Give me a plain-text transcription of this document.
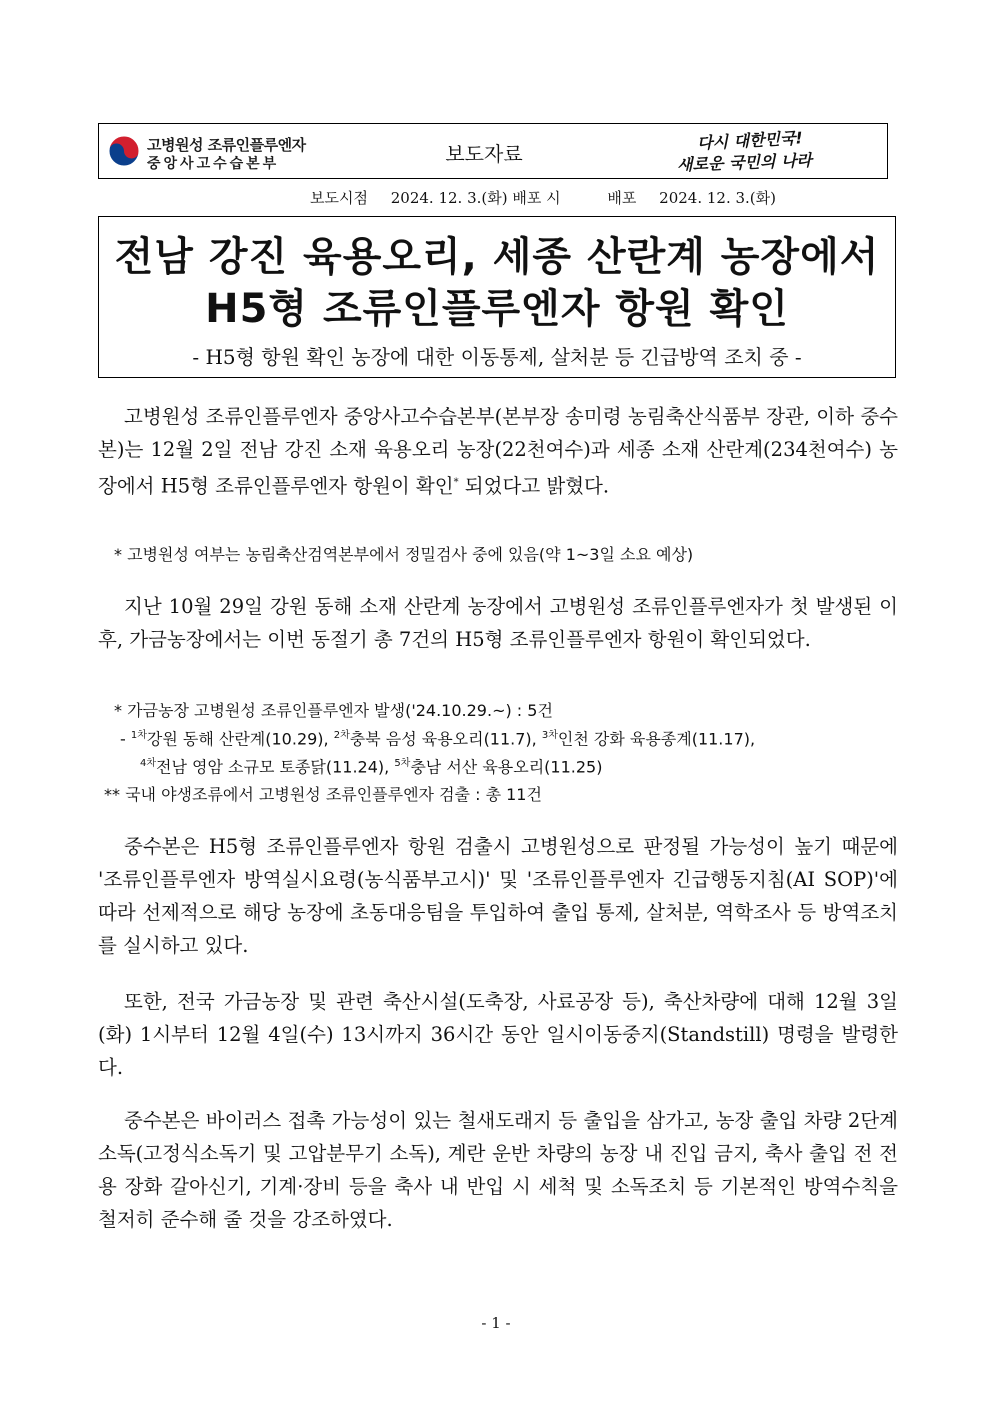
고병원성 조류인플루엔자
중앙사고수습본부	보도자료
다시 대한민국!
새로운 국민의 나라
보도시점 2024. 12. 3.(화) 배포 시	배포 2024. 12. 3.(화)
전남 강진 육용오리, 세종 산란계 농장에서
H5형 조류인플루엔자 항원 확인
- H5형 항원 확인 농장에 대한 이동통제, 살처분 등 긴급방역 조치 중 -
고병원성 조류인플루엔자 중앙사고수습본부(본부장 송미령 농림축산식품부 장관, 이하 중수본)는 12월 2일 전남 강진 소재 육용오리 농장(22천여수)과 세종 소재 산란계(234천여수) 농장에서 H5형 조류인플루엔자 항원이 확인* 되었다고 밝혔다.
* 고병원성 여부는 농림축산검역본부에서 정밀검사 중에 있음(약 1~3일 소요 예상)
지난 10월 29일 강원 동해 소재 산란계 농장에서 고병원성 조류인플루엔자가 첫 발생된 이후, 가금농장에서는 이번 동절기 총 7건의 H5형 조류인플루엔자 항원이 확인되었다.
* 가금농장 고병원성 조류인플루엔자 발생('24.10.29.~) : 5건
- $^{1차}$강원 동해 산란계(10.29), $^{2차}$충북 음성 육용오리(11.7), $^{3차}$인천 강화 육용종계(11.17),
$^{4차}$전남 영암 소규모 토종닭(11.24), $^{5차}$충남 서산 육용오리(11.25)
** 국내 야생조류에서 고병원성 조류인플루엔자 검출 : 총 11건
중수본은 H5형 조류인플루엔자 항원 검출시 고병원성으로 판정될 가능성이 높기 때문에 '조류인플루엔자 방역실시요령(농식품부고시)' 및 '조류인플루엔자 긴급행동지침(AI SOP)'에 따라 선제적으로 해당 농장에 초동대응팀을 투입하여 출입 통제, 살처분, 역학조사 등 방역조치를 실시하고 있다.
또한, 전국 가금농장 및 관련 축산시설(도축장, 사료공장 등), 축산차량에 대해 12월 3일(화) 1시부터 12월 4일(수) 13시까지 36시간 동안 일시이동중지(Standstill) 명령을 발령한다.
중수본은 바이러스 접촉 가능성이 있는 철새도래지 등 출입을 삼가고, 농장 출입 차량 2단계 소독(고정식소독기 및 고압분무기 소독), 계란 운반 차량의 농장 내 진입 금지, 축사 출입 전 전용 장화 갈아신기, 기계·장비 등을 축사 내 반입 시 세척 및 소독조치 등 기본적인 방역수칙을 철저히 준수해 줄 것을 강조하였다.
- 1 -
